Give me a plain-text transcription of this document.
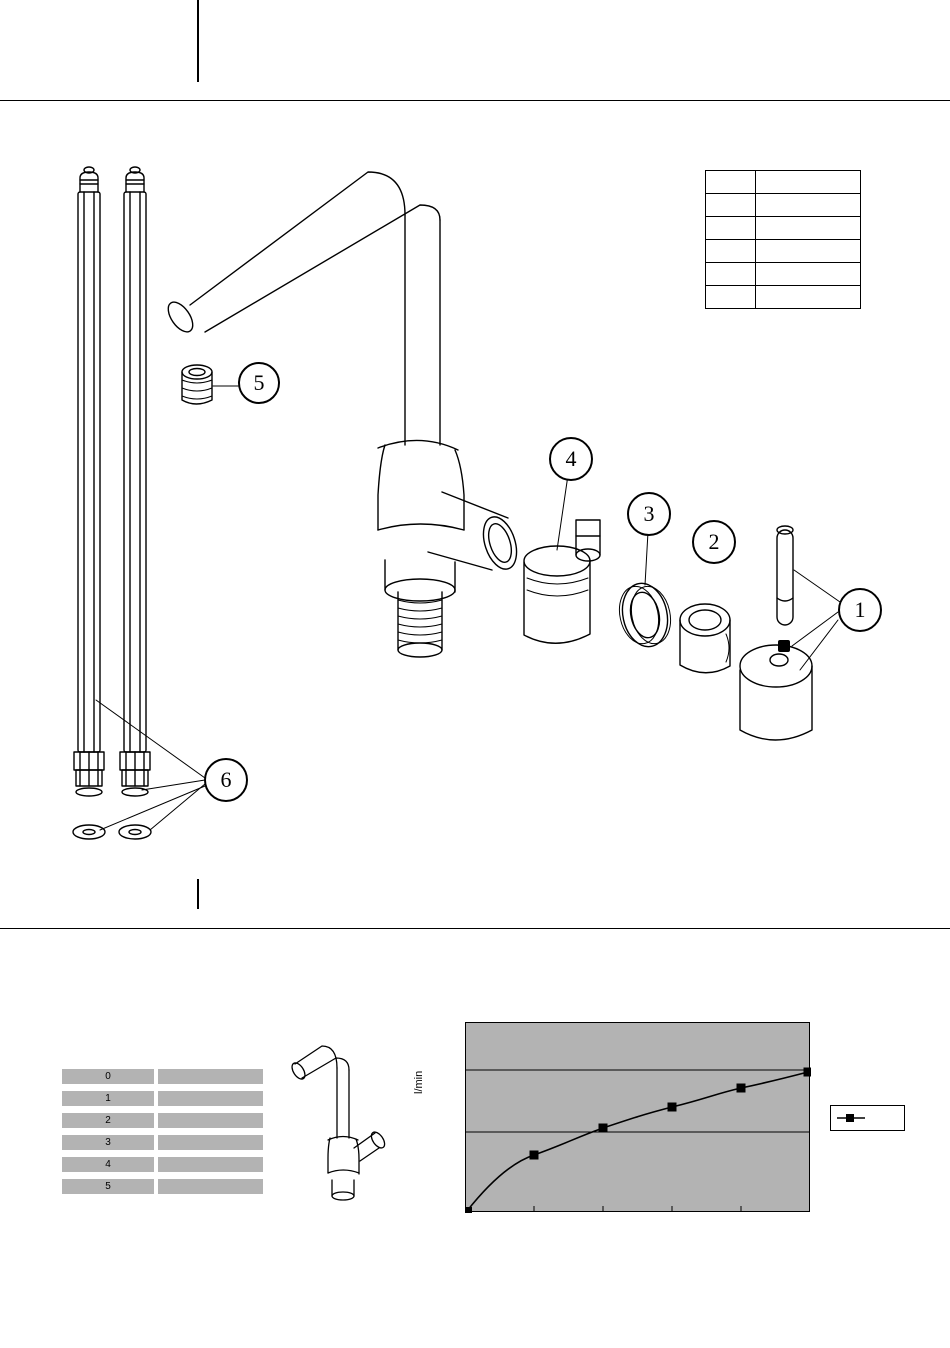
5
4
3
2
1
6
0
1
2
3
4
5
l/min
